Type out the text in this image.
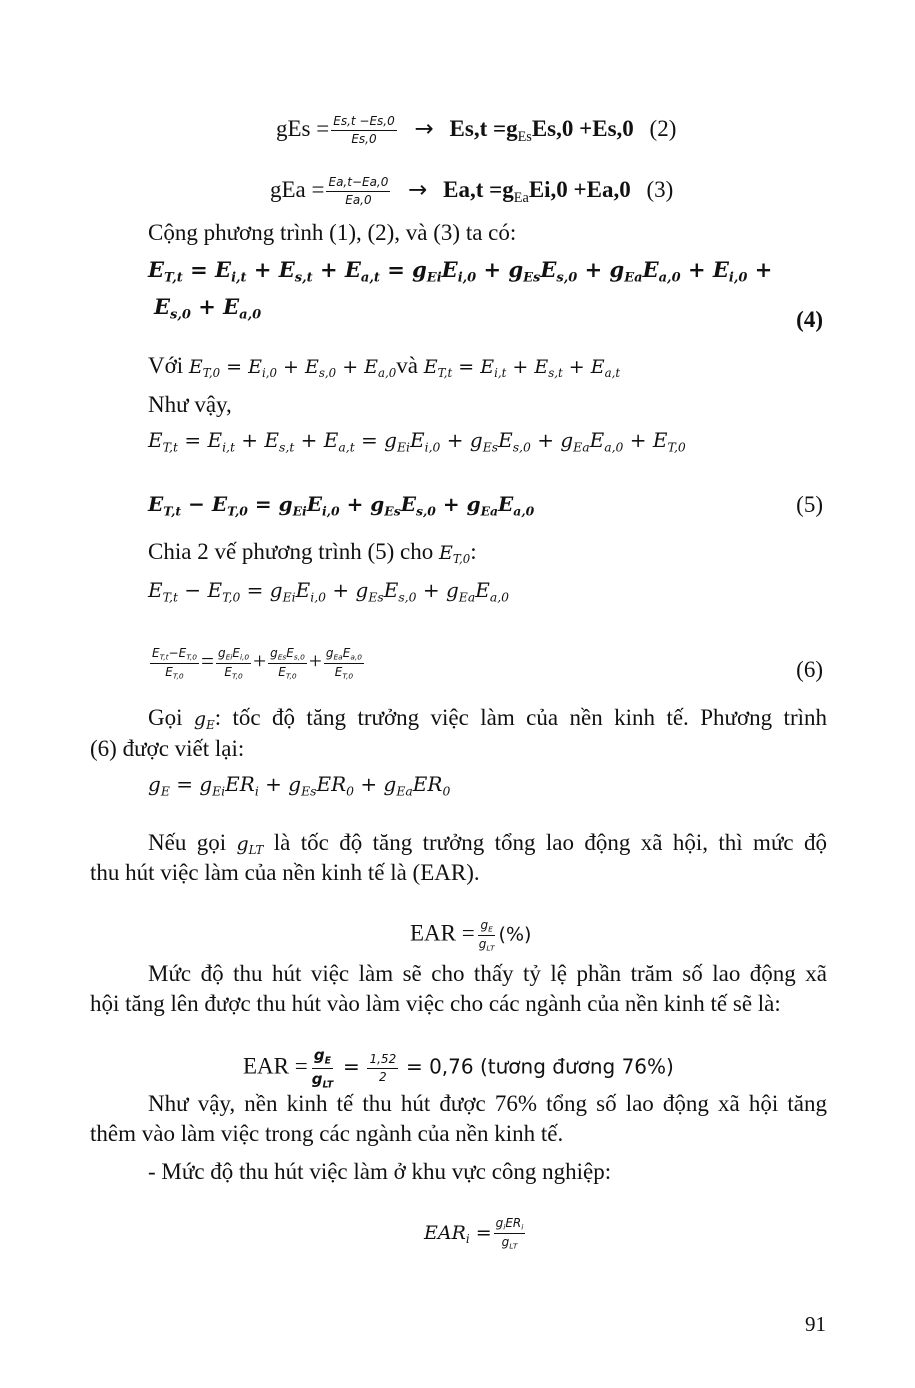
gEs = $\frac{Es,t -Es,0}{Es,0} \to Es,t =g_{Es}Es,0 +Es,0$ (2)
gEa = $\frac{Ea,t-Ea,0}{Ea,0} \to Ea,t =g_{Ea}Ei,0 +Ea,0$ (3)
Cộng phương trình (1), (2), và (3) ta có:
$E_{T,t} = E_{i,t} + E_{s,t} + E_{a,t} = g_{Ei}E_{i,0} + g_{Es}E_{s,0} + g_{Ea}E_{a,0} + E_{i,0}$ +
$E_{s,0} + E_{a,0}$	(4)
Với $E_{T,0} = E_{i,0} + E_{s,0}$ + $E_{a,0}và$ $E_{T,t} = E_{i,t} + E_{s,t} + E_{a,t}$
Như vậy,
$E_{T,t} = E_{i,t} + E_{s,t} + E_{a,t} = g_{Ei}E_{i,0} + g_{Es}E_{s,0} + g_{Ea}E_{a,0} + E_{T,0}$
$E_{T,t} - E_{T,0} = g_{Ei}E_{i,0} + g_{Es}E_{s,0} + g_{Ea}E_{a,0}$	(5)
Chia 2 vế phương trình (5) cho $E_{T,0}$:
$E_{T,t} - E_{T,0} = g_{Ei}E_{i,0} + g_{Es}E_{s,0} + g_{Ea}E_{a,0}$
$\frac{E_{T,t}-E_{T,0}}{E_{T,0}} = \frac{g_{Ei}E_{i,0}}{E_{T,0}} + \frac{g_{Es}E_{s,0}}{E_{T,0}} + \frac{g_{Ea}E_{a,0}}{E_{T,0}}$	(6)
Gọi $g_E$: tốc độ tăng trưởng việc làm của nền kinh tế. Phương trình
(6) được viết lại:
$g_E = g_{Ei}ER_i + g_{Es}ER_0 + g_{Ea}ER_0$
Nếu gọi $g_{LT}$ là tốc độ tăng trưởng tổng lao động xã hội, thì mức độ
thu hút việc làm của nền kinh tế là (EAR).
EAR = $\frac{g_E}{g_{LT}}$ (%)
Mức độ thu hút việc làm sẽ cho thấy tỷ lệ phần trăm số lao động xã
hội tăng lên được thu hút vào làm việc cho các ngành của nền kinh tế sẽ là:
EAR = $\frac{g_E}{g_{LT}} = \frac{1,52}{2} = 0,76$ (tương đương 76%)
Như vậy, nền kinh tế thu hút được 76% tổng số lao động xã hội tăng
thêm vào làm việc trong các ngành của nền kinh tế.
- Mức độ thu hút việc làm ở khu vực công nghiệp:
$EAR_i = \frac{g_iER_i}{g_{LT}}$
91
